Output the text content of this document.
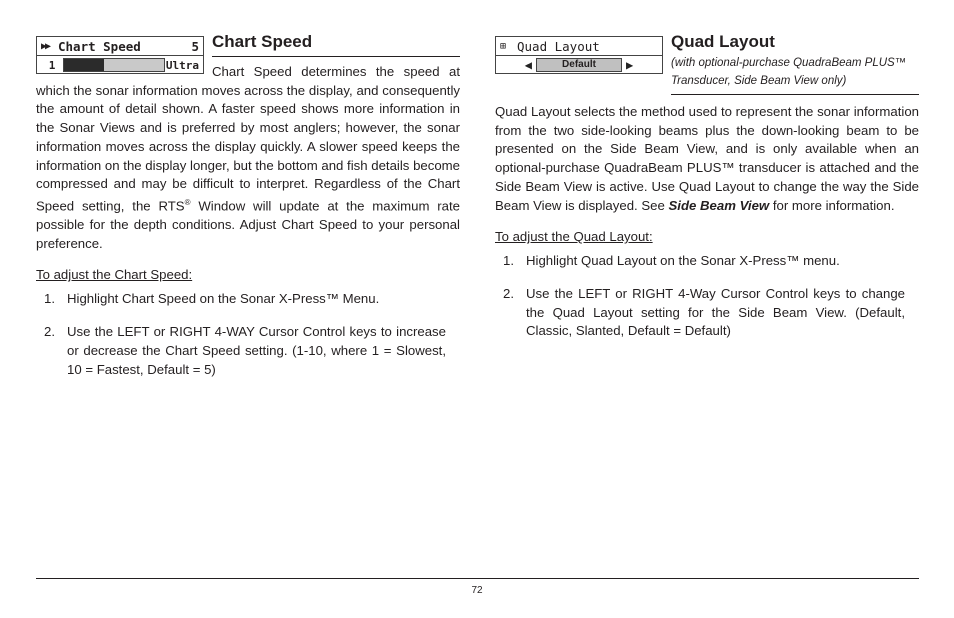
▶▶ Chart Speed	5
1	Ultra
Chart Speed

Chart Speed determines the speed at which the sonar information moves across the display, and consequently the amount of detail shown. A faster speed shows more information in the Sonar Views and is preferred by most anglers; however, the sonar information moves across the display quickly. A slower speed keeps the information on the display longer, but the bottom and fish details become compressed and may be difficult to interpret. Regardless of the Chart Speed setting, the RTS® Window will update at the maximum rate possible for the depth conditions. Adjust Chart Speed to your personal preference.

To adjust the Chart Speed:
1. Highlight Chart Speed on the Sonar X-Press™ Menu.
2. Use the LEFT or RIGHT 4-WAY Cursor Control keys to increase or decrease the Chart Speed setting. (1-10, where 1 = Slowest, 10 = Fastest, Default = 5)
⊞	Quad Layout
◀	Default	▶
Quad Layout
(with optional-purchase QuadraBeam PLUS™ Transducer, Side Beam View only)

Quad Layout selects the method used to represent the sonar information from the two side-looking beams plus the down-looking beam to be presented on the Side Beam View, and is only available when an optional-purchase QuadraBeam PLUS™ transducer is attached and the Side Beam View is active. Use Quad Layout to change the way the Side Beam View is displayed. See Side Beam View for more information.

To adjust the Quad Layout:
1. Highlight Quad Layout on the Sonar X-Press™ menu.
2. Use the LEFT or RIGHT 4-Way Cursor Control keys to change the Quad Layout setting for the Side Beam View. (Default, Classic, Slanted, Default = Default)
72
